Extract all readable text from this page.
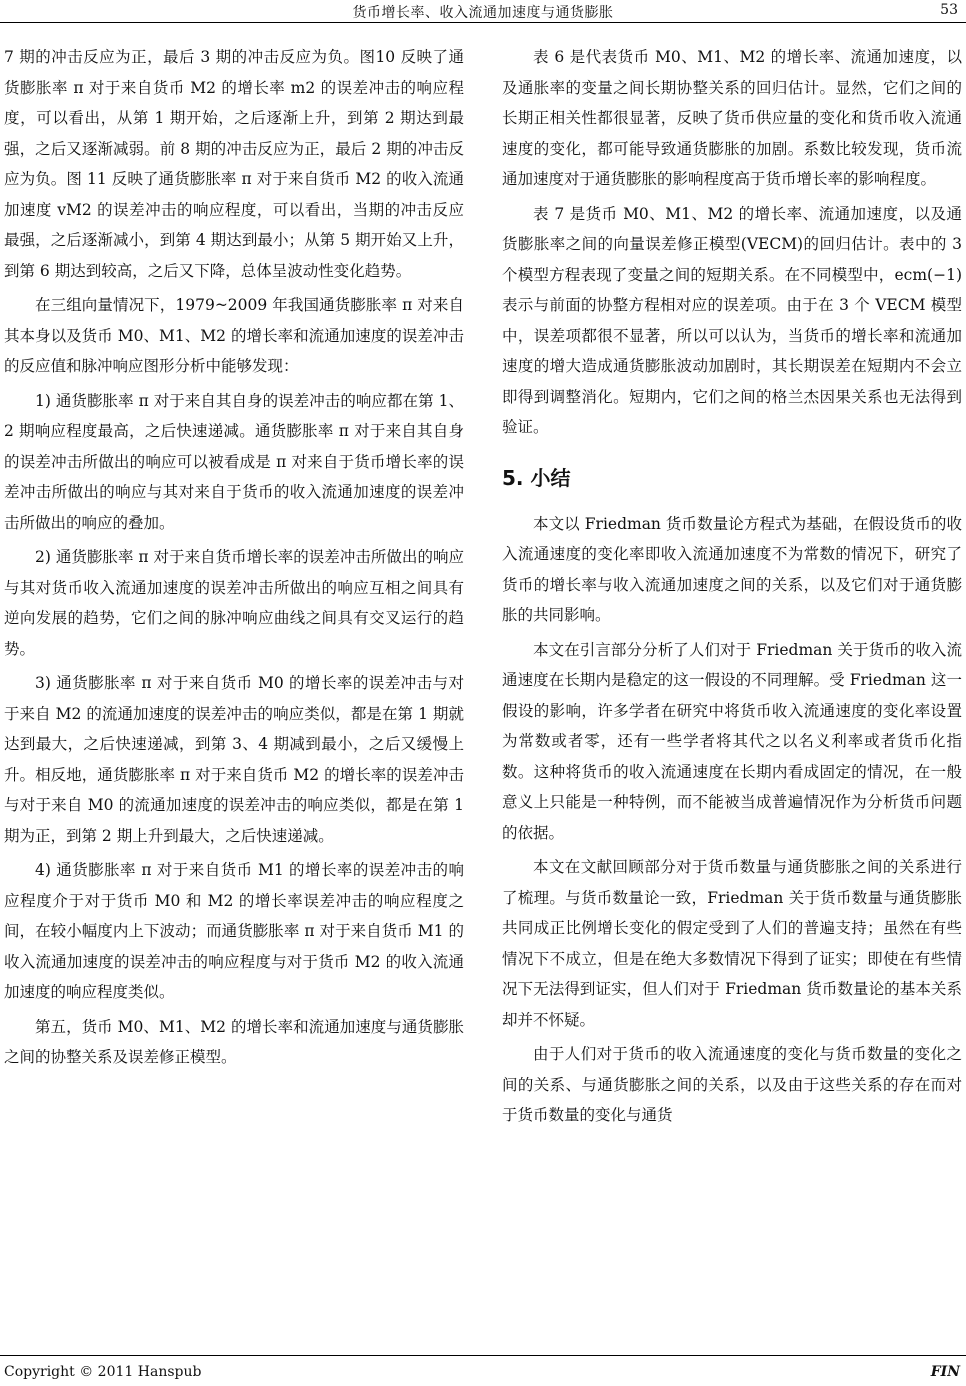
货币增长率、收入流通加速度与通货膨胀	53

7 期的冲击反应为正，最后 3 期的冲击反应为负。图10 反映了通货膨胀率 π 对于来自货币 M2 的增长率 m2 的误差冲击的响应程度，可以看出，从第 1 期开始，之后逐渐上升，到第 2 期达到最强，之后又逐渐减弱。前 8 期的冲击反应为正，最后 2 期的冲击反应为负。图 11 反映了通货膨胀率 π 对于来自货币 M2 的收入流通加速度 vM2 的误差冲击的响应程度，可以看出，当期的冲击反应最强，之后逐渐减小，到第 4 期达到最小；从第 5 期开始又上升，到第 6 期达到较高，之后又下降，总体呈波动性变化趋势。

在三组向量情况下，1979~2009 年我国通货膨胀率 π 对来自其本身以及货币 M0、M1、M2 的增长率和流通加速度的误差冲击的反应值和脉冲响应图形分析中能够发现：

1) 通货膨胀率 π 对于来自其自身的误差冲击的响应都在第 1、2 期响应程度最高，之后快速递减。通货膨胀率 π 对于来自其自身的误差冲击所做出的响应可以被看成是 π 对来自于货币增长率的误差冲击所做出的响应与其对来自于货币的收入流通加速度的误差冲击所做出的响应的叠加。

2) 通货膨胀率 π 对于来自货币增长率的误差冲击所做出的响应与其对货币收入流通加速度的误差冲击所做出的响应互相之间具有逆向发展的趋势，它们之间的脉冲响应曲线之间具有交叉运行的趋势。

3) 通货膨胀率 π 对于来自货币 M0 的增长率的误差冲击与对于来自 M2 的流通加速度的误差冲击的响应类似，都是在第 1 期就达到最大，之后快速递减，到第 3、4 期减到最小，之后又缓慢上升。相反地，通货膨胀率 π 对于来自货币 M2 的增长率的误差冲击与对于来自 M0 的流通加速度的误差冲击的响应类似，都是在第 1 期为正，到第 2 期上升到最大，之后快速递减。

4) 通货膨胀率 π 对于来自货币 M1 的增长率的误差冲击的响应程度介于对于货币 M0 和 M2 的增长率误差冲击的响应程度之间，在较小幅度内上下波动；而通货膨胀率 π 对于来自货币 M1 的收入流通加速度的误差冲击的响应程度与对于货币 M2 的收入流通加速度的响应程度类似。

第五，货币 M0、M1、M2 的增长率和流通加速度与通货膨胀之间的协整关系及误差修正模型。

表 6 是代表货币 M0、M1、M2 的增长率、流通加速度，以及通胀率的变量之间长期协整关系的回归估计。显然，它们之间的长期正相关性都很显著，反映了货币供应量的变化和货币收入流通速度的变化，都可能导致通货膨胀的加剧。系数比较发现，货币流通加速度对于通货膨胀的影响程度高于货币增长率的影响程度。

表 7 是货币 M0、M1、M2 的增长率、流通加速度，以及通货膨胀率之间的向量误差修正模型(VECM)的回归估计。表中的 3 个模型方程表现了变量之间的短期关系。在不同模型中，ecm(−1) 表示与前面的协整方程相对应的误差项。由于在 3 个 VECM 模型中，误差项都很不显著，所以可以认为，当货币的增长率和流通加速度的增大造成通货膨胀波动加剧时，其长期误差在短期内不会立即得到调整消化。短期内，它们之间的格兰杰因果关系也无法得到验证。

5. 小结

本文以 Friedman 货币数量论方程式为基础，在假设货币的收入流通速度的变化率即收入流通加速度不为常数的情况下，研究了货币的增长率与收入流通加速度之间的关系，以及它们对于通货膨胀的共同影响。

本文在引言部分分析了人们对于 Friedman 关于货币的收入流通速度在长期内是稳定的这一假设的不同理解。受 Friedman 这一假设的影响，许多学者在研究中将货币收入流通速度的变化率设置为常数或者零，还有一些学者将其代之以名义利率或者货币化指数。这种将货币的收入流通速度在长期内看成固定的情况，在一般意义上只能是一种特例，而不能被当成普遍情况作为分析货币问题的依据。

本文在文献回顾部分对于货币数量与通货膨胀之间的关系进行了梳理。与货币数量论一致，Friedman 关于货币数量与通货膨胀共同成正比例增长变化的假定受到了人们的普遍支持；虽然在有些情况下不成立，但是在绝大多数情况下得到了证实；即使在有些情况下无法得到证实，但人们对于 Friedman 货币数量论的基本关系却并不怀疑。

由于人们对于货币的收入流通速度的变化与货币数量的变化之间的关系、与通货膨胀之间的关系，以及由于这些关系的存在而对于货币数量的变化与通货

Copyright © 2011 Hanspub	FIN
